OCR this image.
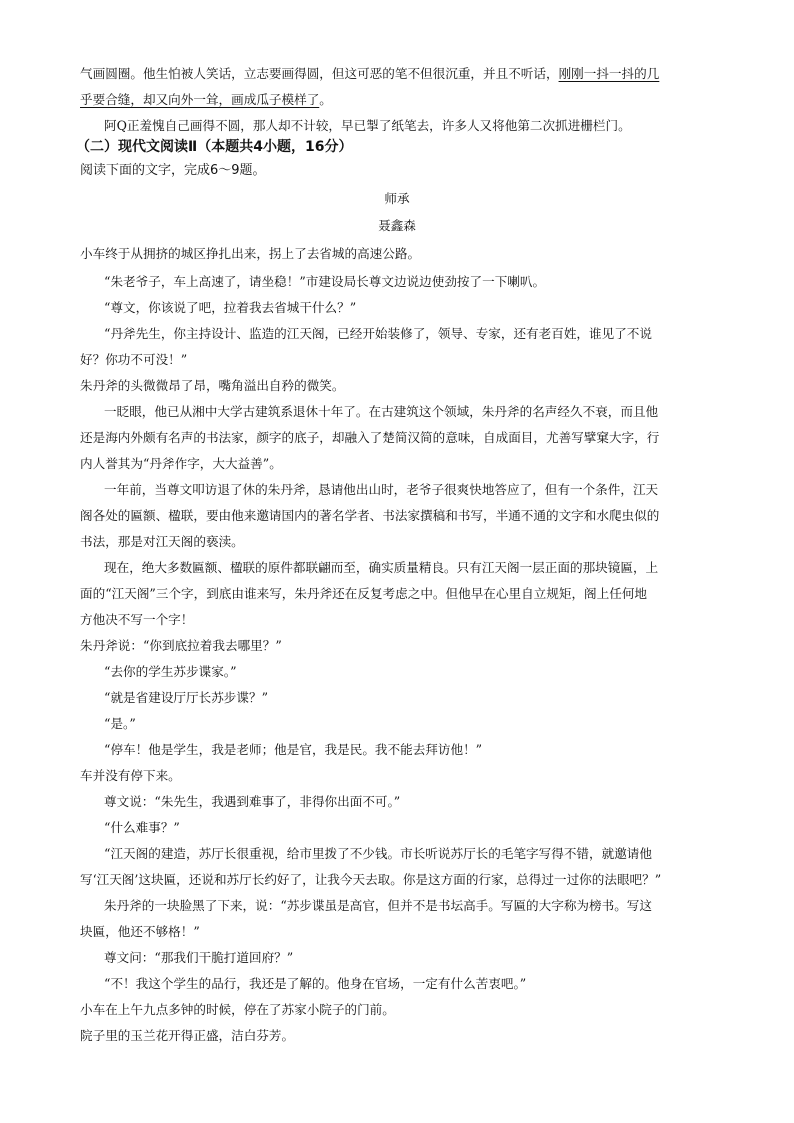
气画圆圈。他生怕被人笑话，立志要画得圆，但这可恶的笔不但很沉重，并且不听话，刚刚一抖一抖的几

乎要合缝，却又向外一耸，画成瓜子模样了。

阿Q正羞愧自己画得不圆，那人却不计较，早已掣了纸笔去，许多人又将他第二次抓进栅栏门。

（二）现代文阅读Ⅱ（本题共4小题，16分）
阅读下面的文字，完成6～9题。
师承
聂鑫森

小车终于从拥挤的城区挣扎出来，拐上了去省城的高速公路。

“朱老爷子，车上高速了，请坐稳！”市建设局长尊文边说边使劲按了一下喇叭。

“尊文，你该说了吧，拉着我去省城干什么？”

“丹斧先生，你主持设计、监造的江天阁，已经开始装修了，领导、专家，还有老百姓，谁见了不说

好？你功不可没！”

朱丹斧的头微微昂了昂，嘴角溢出自矜的微笑。

一眨眼，他已从湘中大学古建筑系退休十年了。在古建筑这个领域，朱丹斧的名声经久不衰，而且他

还是海内外颇有名声的书法家，颜字的底子，却融入了楚简汉简的意味，自成面目，尤善写擘窠大字，行

内人誉其为“丹斧作字，大大益善”。

一年前，当尊文叩访退了休的朱丹斧，恳请他出山时，老爷子很爽快地答应了，但有一个条件，江天

阁各处的匾额、楹联，要由他来邀请国内的著名学者、书法家撰稿和书写，半通不通的文字和水爬虫似的

书法，那是对江天阁的亵渎。

现在，绝大多数匾额、楹联的原件都联翩而至，确实质量精良。只有江天阁一层正面的那块镜匾，上

面的“江天阁”三个字，到底由谁来写，朱丹斧还在反复考虑之中。但他早在心里自立规矩，阁上任何地

方他决不写一个字！

朱丹斧说：“你到底拉着我去哪里？”

“去你的学生苏步谍家。”

“就是省建设厅厅长苏步谍？”

“是。”

“停车！他是学生，我是老师；他是官，我是民。我不能去拜访他！”

车并没有停下来。

尊文说：“朱先生，我遇到难事了，非得你出面不可。”

“什么难事？”

“江天阁的建造，苏厅长很重视，给市里拨了不少钱。市长听说苏厅长的毛笔字写得不错，就邀请他

写‘江天阁’这块匾，还说和苏厅长约好了，让我今天去取。你是这方面的行家，总得过一过你的法眼吧？”

朱丹斧的一块脸黑了下来，说：“苏步谍虽是高官，但并不是书坛高手。写匾的大字称为榜书。写这

块匾，他还不够格！”

尊文问：“那我们干脆打道回府？”

“不！我这个学生的品行，我还是了解的。他身在官场，一定有什么苦衷吧。”

小车在上午九点多钟的时候，停在了苏家小院子的门前。

院子里的玉兰花开得正盛，洁白芬芳。
